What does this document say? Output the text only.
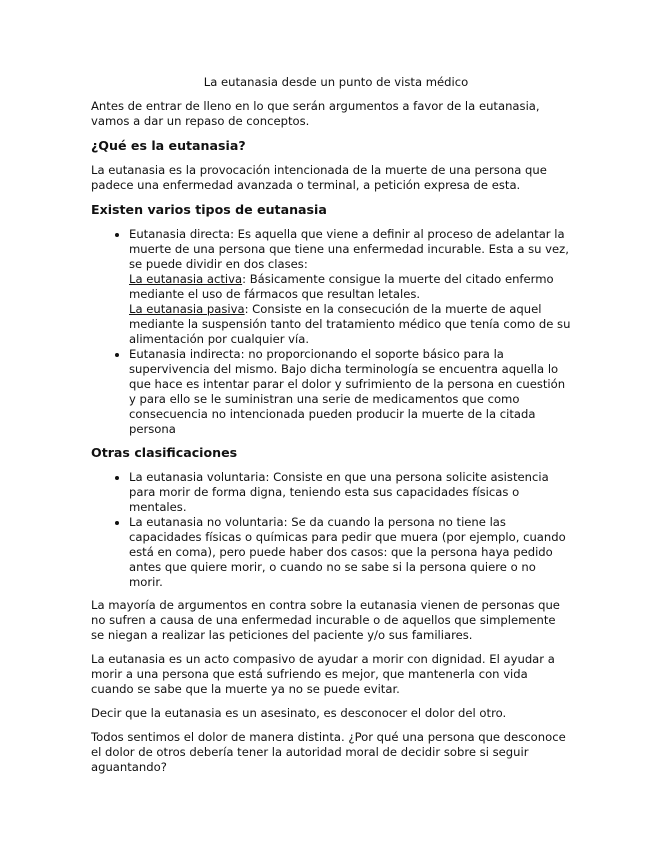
La eutanasia desde un punto de vista médico

Antes de entrar de lleno en lo que serán argumentos a favor de la eutanasia, vamos a dar un repaso de conceptos.

¿Qué es la eutanasia?

La eutanasia es la provocación intencionada de la muerte de una persona que padece una enfermedad avanzada o terminal, a petición expresa de esta.

Existen varios tipos de eutanasia
• Eutanasia directa: Es aquella que viene a definir al proceso de adelantar la muerte de una persona que tiene una enfermedad incurable. Esta a su vez, se puede dividir en dos clases:
La eutanasia activa: Básicamente consigue la muerte del citado enfermo mediante el uso de fármacos que resultan letales.
La eutanasia pasiva: Consiste en la consecución de la muerte de aquel mediante la suspensión tanto del tratamiento médico que tenía como de su alimentación por cualquier vía.
• Eutanasia indirecta: no proporcionando el soporte básico para la supervivencia del mismo. Bajo dicha terminología se encuentra aquella lo que hace es intentar parar el dolor y sufrimiento de la persona en cuestión y para ello se le suministran una serie de medicamentos que como consecuencia no intencionada pueden producir la muerte de la citada persona
Otras clasificaciones
• La eutanasia voluntaria: Consiste en que una persona solicite asistencia para morir de forma digna, teniendo esta sus capacidades físicas o mentales.
• La eutanasia no voluntaria: Se da cuando la persona no tiene las capacidades físicas o químicas para pedir que muera (por ejemplo, cuando está en coma), pero puede haber dos casos: que la persona haya pedido antes que quiere morir, o cuando no se sabe si la persona quiere o no morir.

La mayoría de argumentos en contra sobre la eutanasia vienen de personas que no sufren a causa de una enfermedad incurable o de aquellos que simplemente se niegan a realizar las peticiones del paciente y/o sus familiares.

La eutanasia es un acto compasivo de ayudar a morir con dignidad. El ayudar a morir a una persona que está sufriendo es mejor, que mantenerla con vida cuando se sabe que la muerte ya no se puede evitar.

Decir que la eutanasia es un asesinato, es desconocer el dolor del otro.

Todos sentimos el dolor de manera distinta. ¿Por qué una persona que desconoce el dolor de otros debería tener la autoridad moral de decidir sobre si seguir aguantando?
